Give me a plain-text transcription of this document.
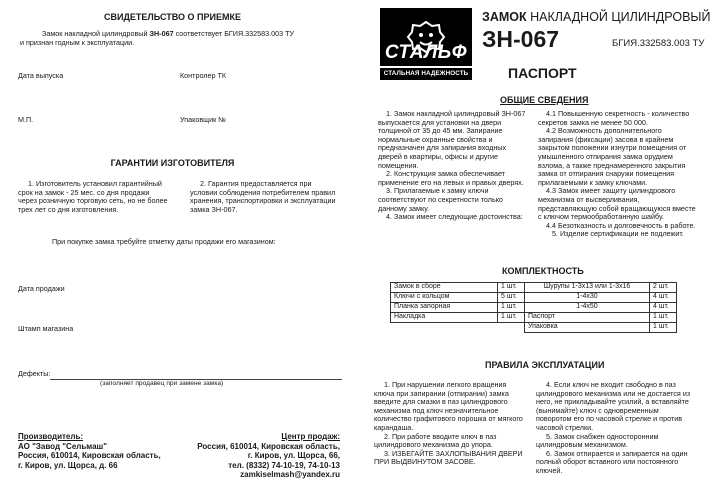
СВИДЕТЕЛЬСТВО О ПРИЕМКЕ
Замок накладной цилиндровый ЗН-067 соответствует БГИЯ.332583.003 ТУ
и признан годным к эксплуатации.
Дата выпуска	Контролер ТК
М.П.	Упаковщик №
ГАРАНТИИ ИЗГОТОВИТЕЛЯ
1. Изготовитель установил гарантийный срок на замок - 25 мес. со дня продажи через розничную торговую сеть, но не более трех лет со дня изготовления.
2. Гарантия предоставляется при условии соблюдения потребителем правил хранения, транспортировки и эксплуатации замка ЗН-067.
При покупке замка требуйте отметку даты продажи его магазином:
Дата продажи
Штамп магазина
Дефекты:
(заполняет продавец при замене замка)
Производитель:
АО "Завод "Сельмаш"
Россия, 610014, Кировская область,
г. Киров, ул. Щорса, д. 66
Центр продаж:
Россия, 610014, Кировская область,
г. Киров, ул. Щорса, 66,
тел. (8332) 74-10-19, 74-10-13
zamkiselmash@yandex.ru
СТАЛЬФ
СТАЛЬНАЯ НАДЕЖНОСТЬ
ЗАМОК НАКЛАДНОЙ ЦИЛИНДРОВЫЙ
ЗН-067	БГИЯ.332583.003 ТУ
ПАСПОРТ
ОБЩИЕ СВЕДЕНИЯ
1. Замок накладной цилиндровый ЗН-067 выпускается для установки на двери толщиной от 35 до 45 мм. Запирание нормальные охранные свойства и предназначен для запирания входных дверей в квартиры, офисы и другие помещения.
2. Конструкция замка обеспечивает применение его на левых и правых дверях.
3. Прилагаемые к замку ключи соответствуют по секретности только данному замку.
4. Замок имеет следующие достоинства:
4.1 Повышенную секретность - количество секретов замка не менее 50 000.
4.2 Возможность дополнительного запирания (фиксации) засова в крайнем закрытом положении изнутри помещения от умышленного отпирания замка орудием взлома, а также преднамеренного закрытия замка от отпирания снаружи помещения прилагаемыми к замку ключами.
4.3 Замок имеет защиту цилиндрового механизма от высверливания, представляющую собой вращающуюся вместе с ключом термообработанную шайбу.
4.4 Безотказность и долговечность в работе.
5. Изделие сертификации не подлежит.
КОМПЛЕКТНОСТЬ
Замок в сборе	1 шт.	Шурупы 1-3х13 или 1-3х16	2 шт.
Ключи с кольцом	5 шт.	1-4х30	4 шт.
Планка запорная	1 шт.	1-4х50	4 шт.
Накладка	1 шт.	Паспорт	1 шт.
		Упаковка	1 шт.
ПРАВИЛА ЭКСПЛУАТАЦИИ
1. При нарушении легкого вращения ключа при запирании (отпирании) замка введите для смазки в паз цилиндрового механизма под ключ незначительное количество графитового порошка от мягкого карандаша.
2. При работе вводите ключ в паз цилиндрового механизма до упора.
3. ИЗБЕГАЙТЕ ЗАХЛОПЫВАНИЯ ДВЕРИ ПРИ ВЫДВИНУТОМ ЗАСОВЕ.
4. Если ключ не входит свободно в паз цилиндрового механизма или не достается из него, не прикладывайте усилий, а вставляйте (вынимайте) ключ с одновременным поворотом его по часовой стрелке и против часовой стрелки.
5. Замок снабжен односторонним цилиндровым механизмом.
6. Замок отпирается и запирается на один полный оборот вставного или постоянного ключей.
